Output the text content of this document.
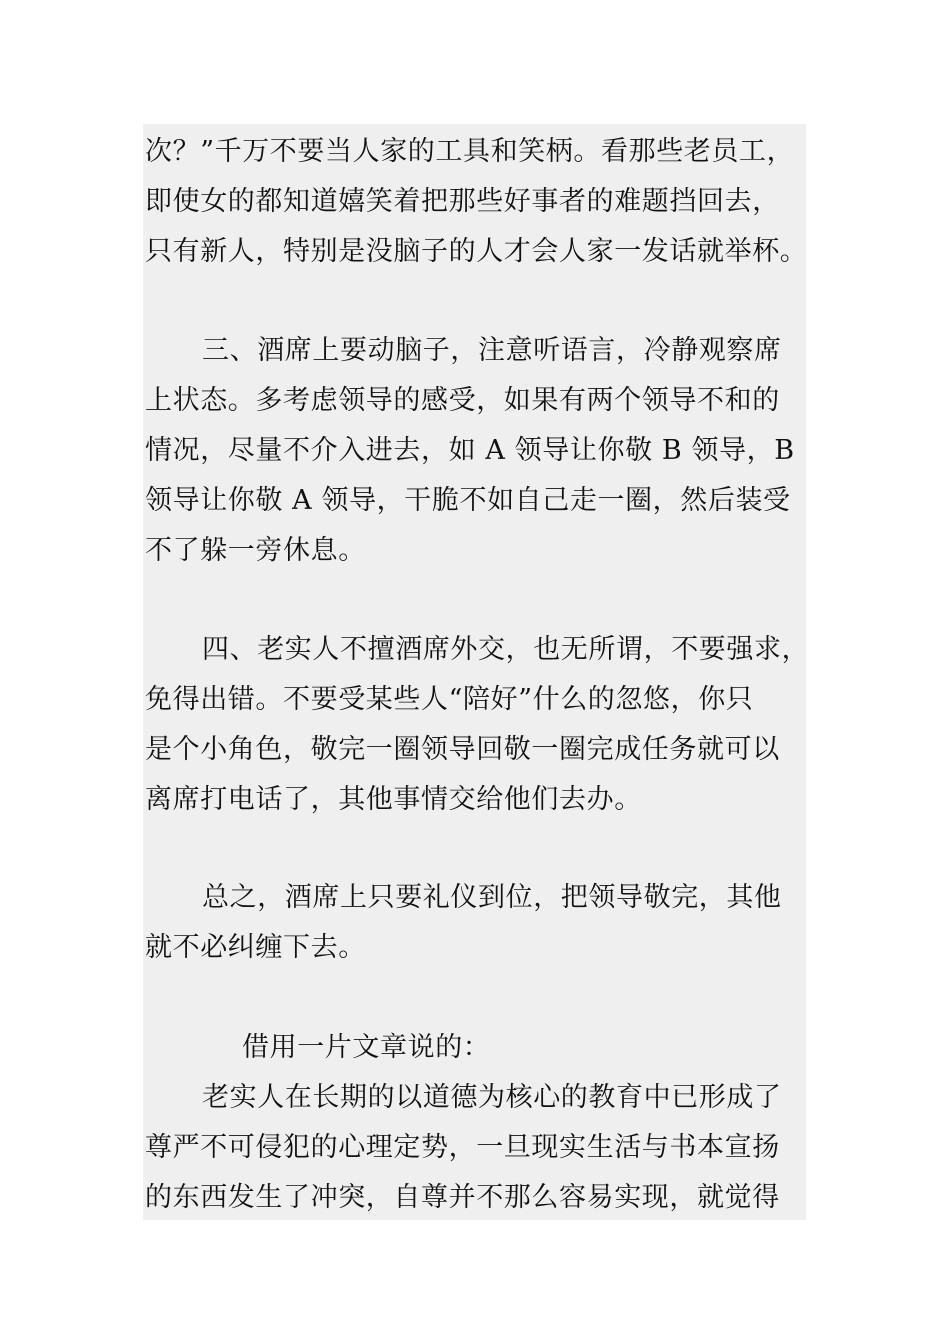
次？”千万不要当人家的工具和笑柄。看那些老员工，
即使女的都知道嬉笑着把那些好事者的难题挡回去，
只有新人，特别是没脑子的人才会人家一发话就举杯。
三、酒席上要动脑子，注意听语言，冷静观察席
上状态。多考虑领导的感受，如果有两个领导不和的
情况，尽量不介入进去，如 A 领导让你敬 B 领导，B
领导让你敬 A 领导，干脆不如自己走一圈，然后装受
不了躲一旁休息。
四、老实人不擅酒席外交，也无所谓，不要强求，
免得出错。不要受某些人“陪好”什么的忽悠，你只
是个小角色，敬完一圈领导回敬一圈完成任务就可以
离席打电话了，其他事情交给他们去办。
总之，酒席上只要礼仪到位，把领导敬完，其他
就不必纠缠下去。
借用一片文章说的：
老实人在长期的以道德为核心的教育中已形成了
尊严不可侵犯的心理定势，一旦现实生活与书本宣扬
的东西发生了冲突，自尊并不那么容易实现，就觉得
